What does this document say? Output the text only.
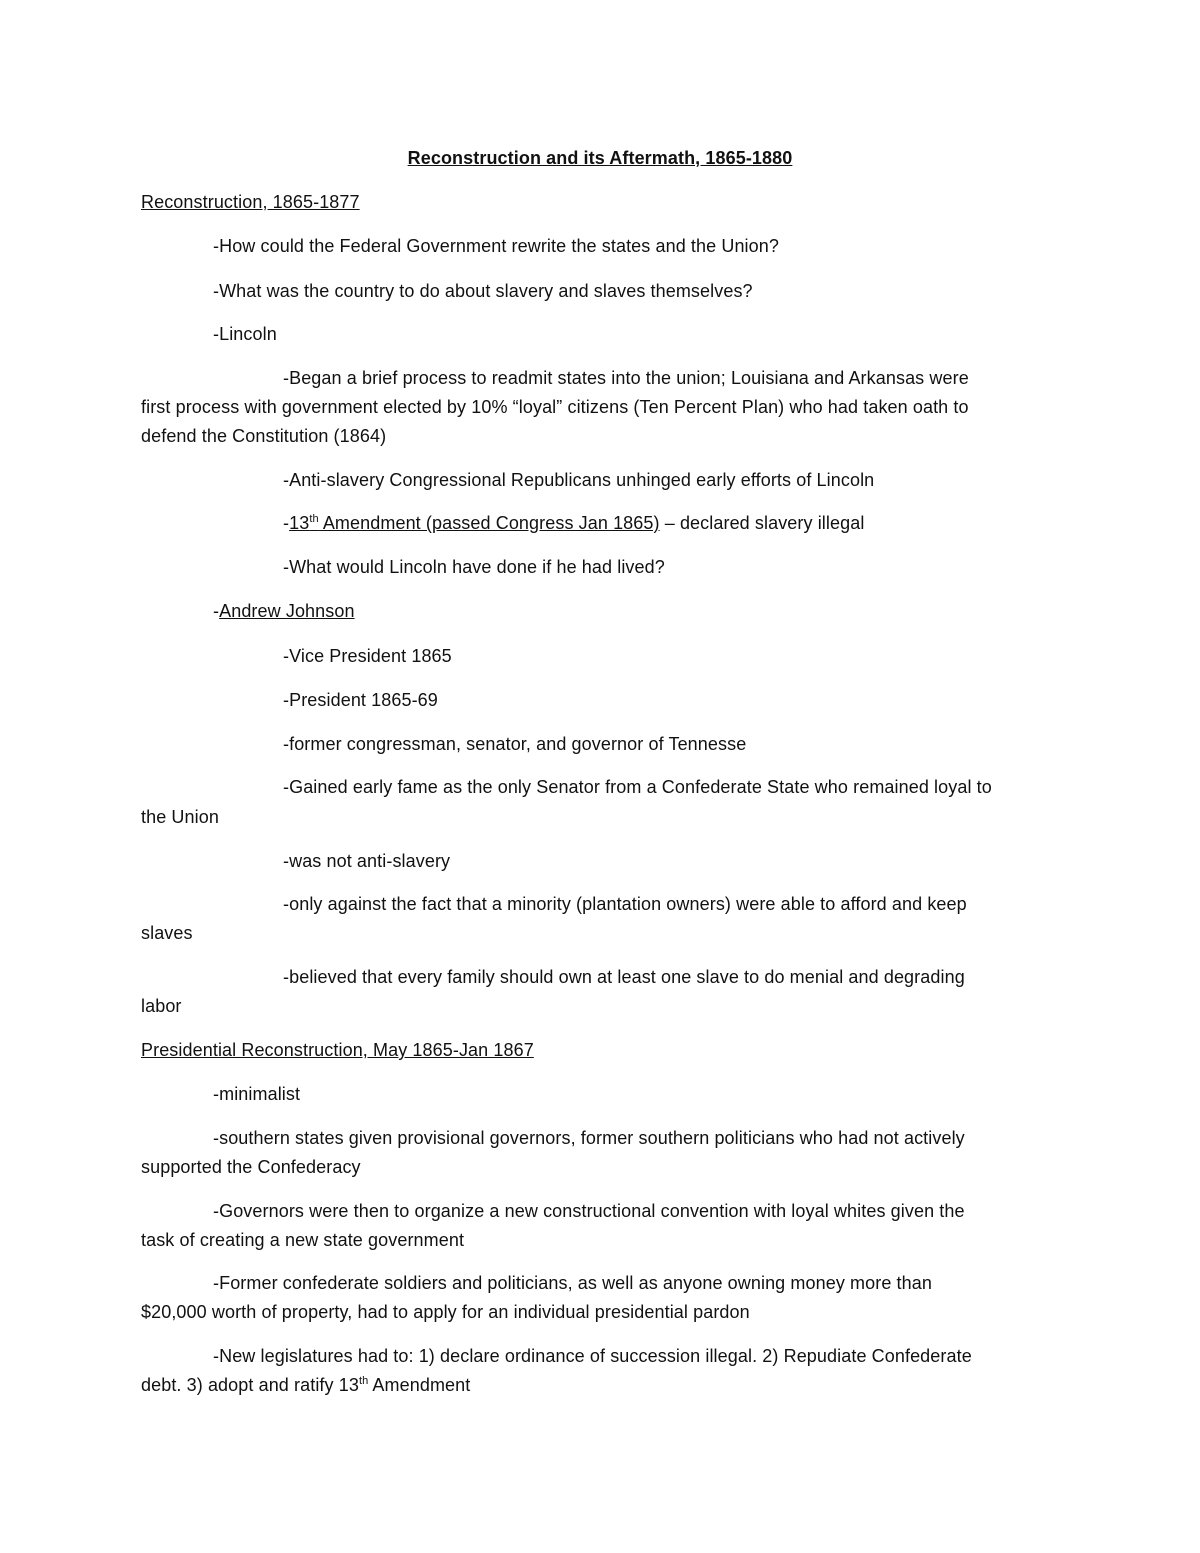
Reconstruction and its Aftermath, 1865-1880
Reconstruction, 1865-1877
-How could the Federal Government rewrite the states and the Union?
-What was the country to do about slavery and slaves themselves?
-Lincoln
-Began a brief process to readmit states into the union; Louisiana and Arkansas were
first process with government elected by 10% “loyal” citizens (Ten Percent Plan) who had taken oath to
defend the Constitution (1864)
-Anti-slavery Congressional Republicans unhinged early efforts of Lincoln
-13th Amendment (passed Congress Jan 1865) – declared slavery illegal
-What would Lincoln have done if he had lived?
-Andrew Johnson
-Vice President 1865
-President 1865-69
-former congressman, senator, and governor of Tennesse
-Gained early fame as the only Senator from a Confederate State who remained loyal to
the Union
-was not anti-slavery
-only against the fact that a minority (plantation owners) were able to afford and keep
slaves
-believed that every family should own at least one slave to do menial and degrading
labor
Presidential Reconstruction, May 1865-Jan 1867
-minimalist
-southern states given provisional governors, former southern politicians who had not actively
supported the Confederacy
-Governors were then to organize a new constructional convention with loyal whites given the
task of creating a new state government
-Former confederate soldiers and politicians, as well as anyone owning money more than
$20,000 worth of property, had to apply for an individual presidential pardon
-New legislatures had to: 1) declare ordinance of succession illegal. 2) Repudiate Confederate
debt. 3) adopt and ratify 13th Amendment
